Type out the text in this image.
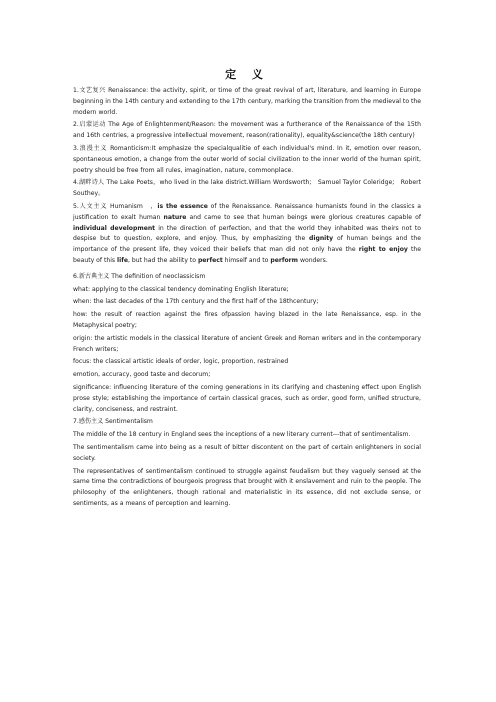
定 义

1.文艺复兴 Renaissance: the activity, spirit, or time of the great revival of art, literature, and learning in Europe beginning in the 14th century and extending to the 17th century, marking the transition from the medieval to the modern world.

2.启蒙运动 The Age of Enlightenment/Reason: the movement was a furtherance of the Renaissance of the 15th and 16th centries, a progressive intellectual movement, reason(rationality), equality&science(the 18th century)

3.浪漫主义 Romanticism:It emphasize the specialqualitie of each individual's mind. In it, emotion over reason, spontaneous emotion, a change from the outer world of social civilization to the inner world of the human spirit, poetry should be free from all rules, imagination, nature, commonplace.

4.湖畔诗人 The Lake Poets，who lived in the lake district.William Wordsworth;　Samuel Taylor Coleridge;　Robert Southey。

5.人文主义 Humanism　，is the essence of the Renaissance. Renaissance humanists found in the classics a justification to exalt human nature and came to see that human beings were glorious creatures capable of individual development in the direction of perfection, and that the world they inhabited was theirs not to despise but to question, explore, and enjoy. Thus, by emphasizing the dignity of human beings and the importance of the present life, they voiced their beliefs that man did not only have the right to enjoy the beauty of this life, but had the ability to perfect himself and to perform wonders.

6.新古典主义 The definition of neoclassicism

what: applying to the classical tendency dominating English literature;

when: the last decades of the 17th century and the first half of the 18thcentury;

how: the result of reaction against the fires ofpassion having blazed in the late Renaissance, esp. in the Metaphysical poetry;

origin: the artistic models in the classical literature of ancient Greek and Roman writers and in the contemporary French writers;

focus: the classical artistic ideals of order, logic, proportion, restrained

emotion, accuracy, good taste and decorum;

significance: influencing literature of the coming generations in its clarifying and chastening effect upon English prose style; establishing the importance of certain classical graces, such as order, good form, unified structure, clarity, conciseness, and restraint.

7.感伤主义 Sentimentalism

The middle of the 18 century in England sees the inceptions of a new literary current---that of sentimentalism.

The sentimentalism came into being as a result of bitter discontent on the part of certain enlighteners in social society.

The representatives of sentimentalism continued to struggle against feudalism but they vaguely sensed at the same time the contradictions of bourgeois progress that brought with it enslavement and ruin to the people. The philosophy of the enlighteners, though rational and materialistic in its essence, did not exclude sense, or sentiments, as a means of perception and learning.
